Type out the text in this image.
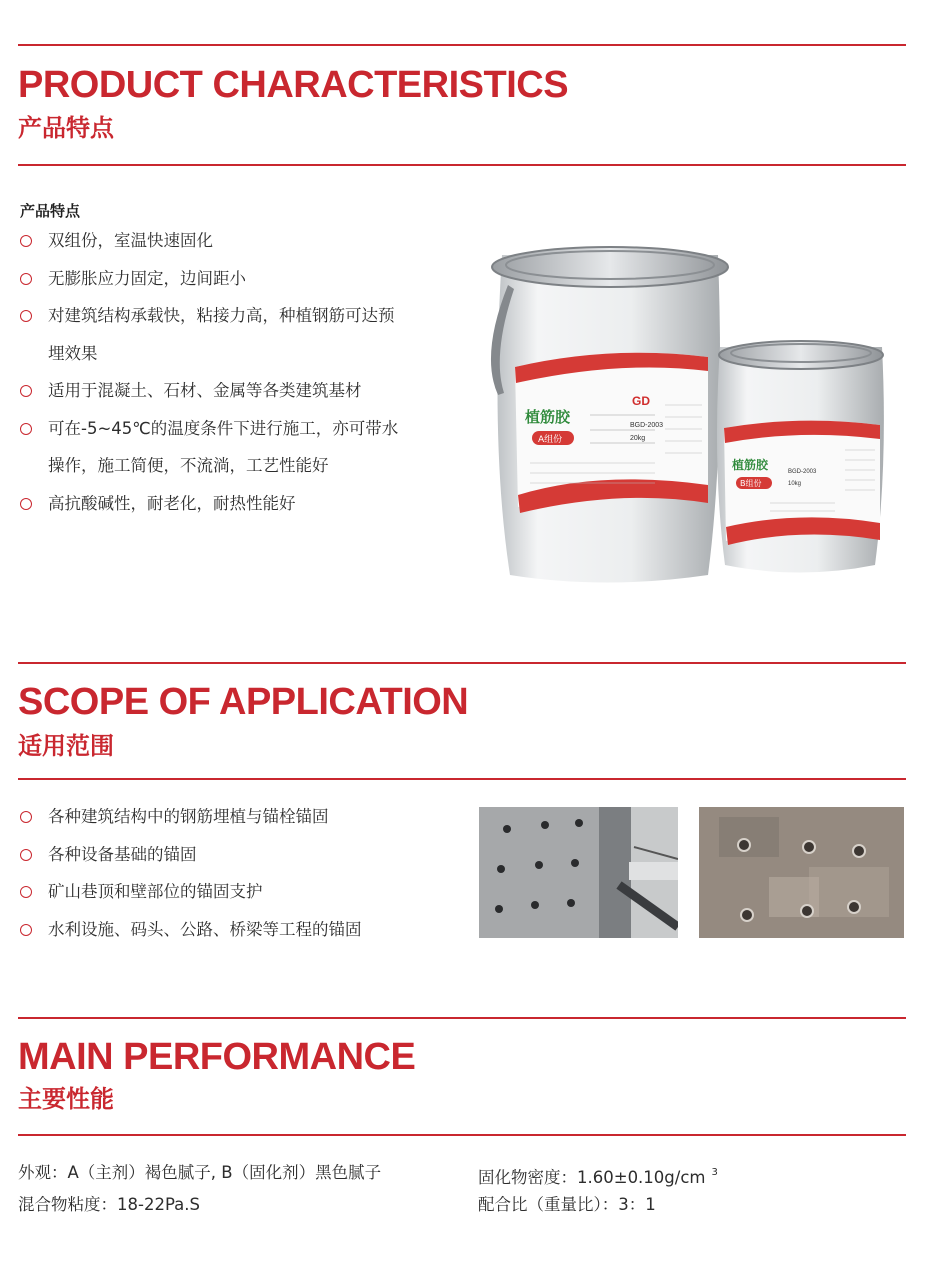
PRODUCT CHARACTERISTICS
产品特点
产品特点
双组份，室温快速固化
无膨胀应力固定，边间距小
对建筑结构承载快，粘接力高，种植钢筋可达预
埋效果
适用于混凝土、石材、金属等各类建筑基材
可在-5~45℃的温度条件下进行施工，亦可带水
操作，施工简便，不流淌，工艺性能好
高抗酸碱性，耐老化，耐热性能好
GD
植筋胶
A组份
BGD-2003
20kg
植筋胶
B组份
BGD-2003
10kg
SCOPE OF APPLICATION
适用范围
各种建筑结构中的钢筋埋植与锚栓锚固
各种设备基础的锚固
矿山巷顶和壁部位的锚固支护
水利设施、码头、公路、桥梁等工程的锚固
MAIN PERFORMANCE
主要性能
外观：A（主剂）褐色腻子, B（固化剂）黑色腻子
混合物粘度：18-22Pa.S
固化物密度：1.60±0.10g/cm $^3$
配合比（重量比）：3：1
